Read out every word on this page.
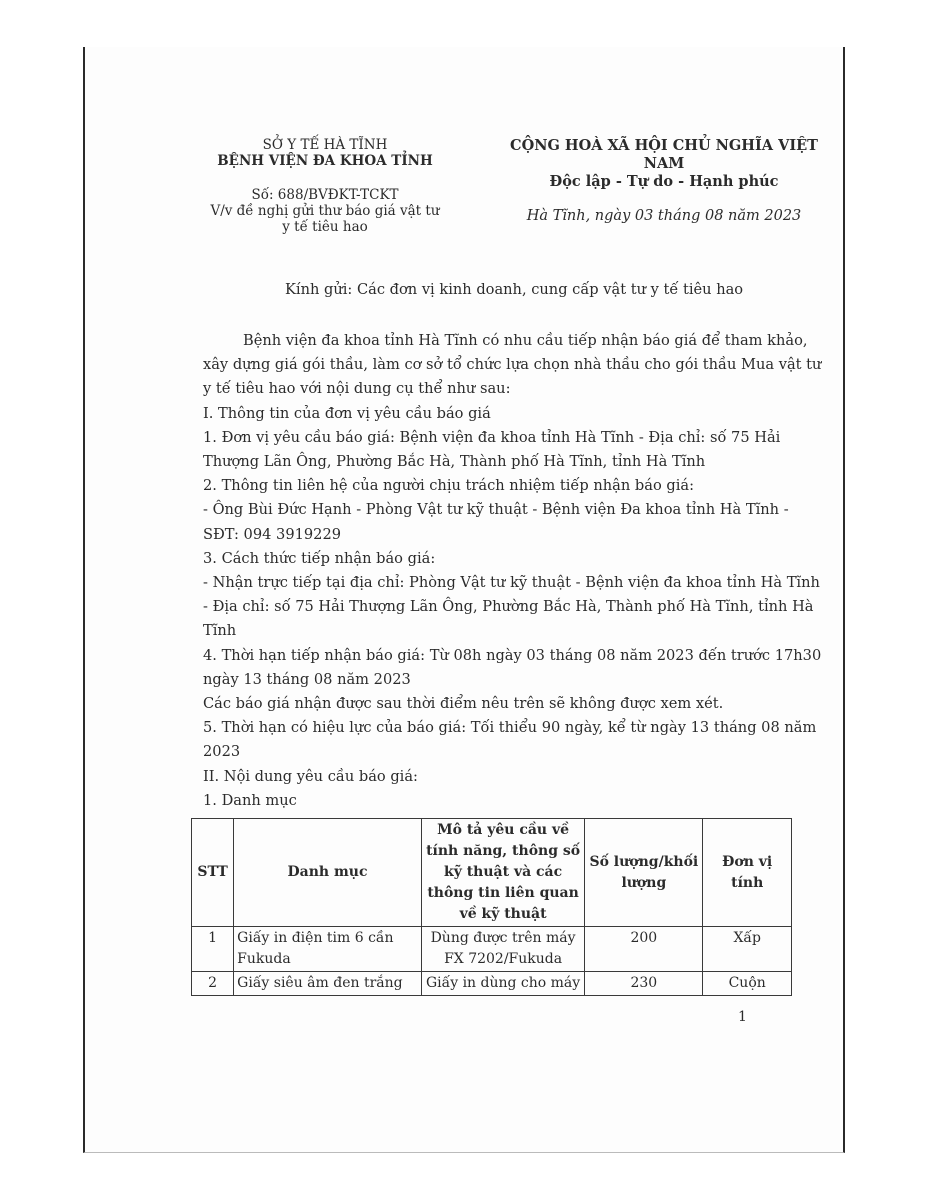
SỞ Y TẾ HÀ TĨNH
BỆNH VIỆN ĐA KHOA TỈNH
Số: 688/BVĐKT-TCKT
V/v đề nghị gửi thư báo giá vật tư
y tế tiêu hao
CỘNG HOÀ XÃ HỘI CHỦ NGHĨA VIỆT NAM
Độc lập - Tự do - Hạnh phúc
Hà Tĩnh, ngày 03 tháng 08 năm 2023
Kính gửi: Các đơn vị kinh doanh, cung cấp vật tư y tế tiêu hao

Bệnh viện đa khoa tỉnh Hà Tĩnh có nhu cầu tiếp nhận báo giá để tham khảo, xây dựng giá gói thầu, làm cơ sở tổ chức lựa chọn nhà thầu cho gói thầu Mua vật tư y tế tiêu hao với nội dung cụ thể như sau:

I. Thông tin của đơn vị yêu cầu báo giá

1. Đơn vị yêu cầu báo giá: Bệnh viện đa khoa tỉnh Hà Tĩnh - Địa chỉ: số 75 Hải Thượng Lãn Ông, Phường Bắc Hà, Thành phố Hà Tĩnh, tỉnh Hà Tĩnh

2. Thông tin liên hệ của người chịu trách nhiệm tiếp nhận báo giá:

- Ông Bùi Đức Hạnh - Phòng Vật tư kỹ thuật - Bệnh viện Đa khoa tỉnh Hà Tĩnh - SĐT: 094 3919229

3. Cách thức tiếp nhận báo giá:

- Nhận trực tiếp tại địa chỉ: Phòng Vật tư kỹ thuật - Bệnh viện đa khoa tỉnh Hà Tĩnh - Địa chỉ: số 75 Hải Thượng Lãn Ông, Phường Bắc Hà, Thành phố Hà Tĩnh, tỉnh Hà Tĩnh

4. Thời hạn tiếp nhận báo giá: Từ 08h ngày 03 tháng 08 năm 2023 đến trước 17h30 ngày 13 tháng 08 năm 2023

Các báo giá nhận được sau thời điểm nêu trên sẽ không được xem xét.

5. Thời hạn có hiệu lực của báo giá: Tối thiểu 90 ngày, kể từ ngày 13 tháng 08 năm 2023

II. Nội dung yêu cầu báo giá:

1. Danh mục

STT	Danh mục	Mô tả yêu cầu về tính năng, thông số kỹ thuật và các thông tin liên quan về kỹ thuật	Số lượng/khối lượng	Đơn vị tính
1	Giấy in điện tim 6 cần Fukuda	Dùng được trên máy FX 7202/Fukuda	200	Xấp
2	Giấy siêu âm đen trắng	Giấy in dùng cho máy	230	Cuộn
1
